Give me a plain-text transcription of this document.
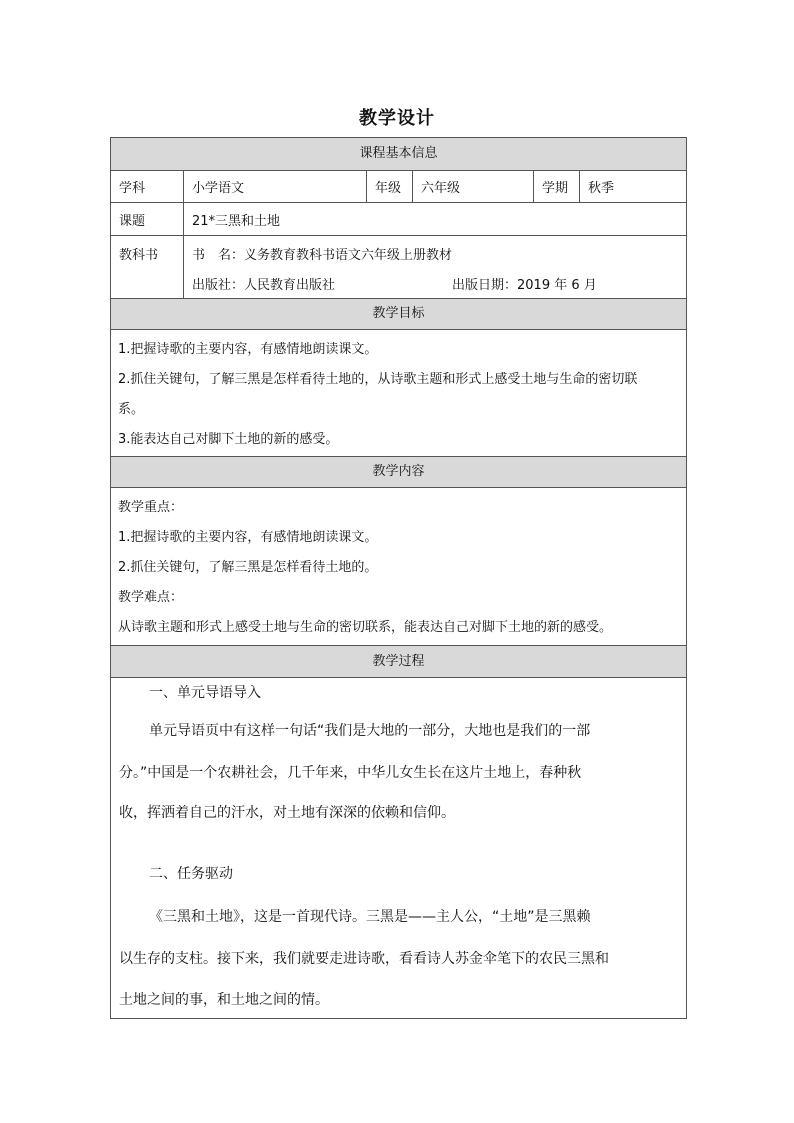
教学设计
课程基本信息
学科	小学语文	年级	六年级	学期	秋季
课题	21*三黑和土地
教科书	书　名：义务教育教科书语文六年级上册教材
出版社：人民教育出版社	出版日期：2019 年 6 月
教学目标
1.把握诗歌的主要内容，有感情地朗读课文。
2.抓住关键句，了解三黑是怎样看待土地的，从诗歌主题和形式上感受土地与生命的密切联
系。
3.能表达自己对脚下土地的新的感受。
教学内容
教学重点：
1.把握诗歌的主要内容，有感情地朗读课文。
2.抓住关键句，了解三黑是怎样看待土地的。
教学难点：
从诗歌主题和形式上感受土地与生命的密切联系，能表达自己对脚下土地的新的感受。
教学过程
一、单元导语导入
单元导语页中有这样一句话“我们是大地的一部分，大地也是我们的一部
分。”中国是一个农耕社会，几千年来，中华儿女生长在这片土地上，春种秋
收，挥洒着自己的汗水，对土地有深深的依赖和信仰。
二、任务驱动
《三黑和土地》，这是一首现代诗。三黑是——主人公，“土地”是三黑赖
以生存的支柱。接下来，我们就要走进诗歌，看看诗人苏金伞笔下的农民三黑和
土地之间的事，和土地之间的情。
